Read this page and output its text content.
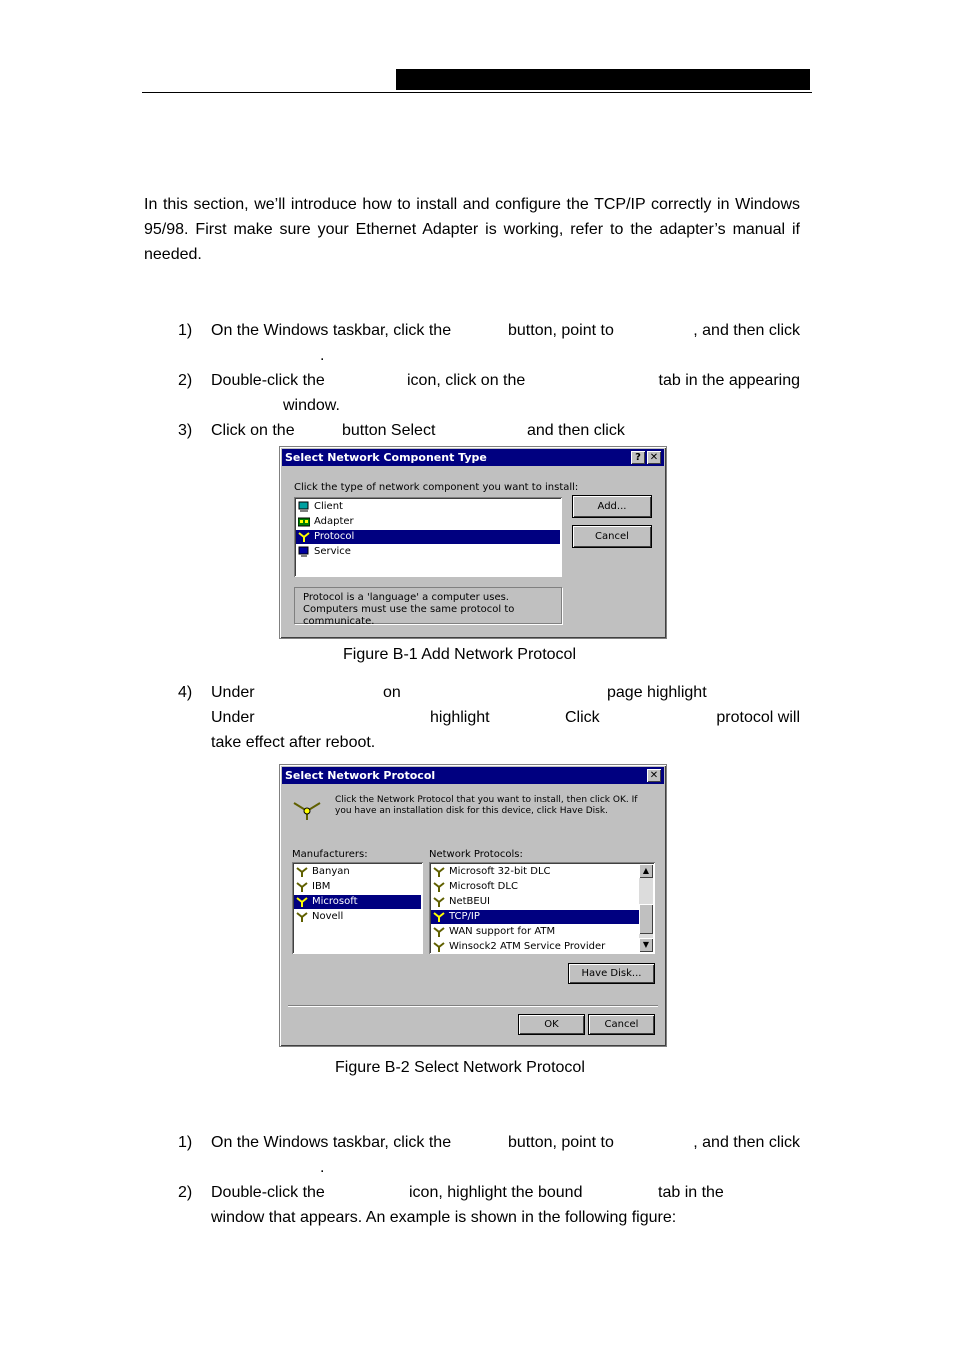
In this section, we’ll introduce how to install and configure the TCP/IP correctly in Windows 95/98. First make sure your Ethernet Adapter is working, refer to the adapter’s manual if needed.
1)	On the Windows taskbar, click the	button, point to	, and then click
.
2)	Double-click the	icon, click on the	tab in the appearing
window.
3)	Click on the	button Select	and then click
Select Network Component Type	? ✕
Click the type of network component you want to install:
Client
Adapter
Protocol
Service
Add...
Cancel
Protocol is a 'language' a computer uses. Computers must use the same protocol to communicate.
Figure B-1 Add Network Protocol
4)	Under	on	page highlight
Under	highlight	Click	protocol will
take effect after reboot.
Select Network Protocol	✕
Click the Network Protocol that you want to install, then click OK. If you have an installation disk for this device, click Have Disk.
Manufacturers:	Network Protocols:
Banyan
IBM
Microsoft
Novell
Microsoft 32-bit DLC
Microsoft DLC
NetBEUI
TCP/IP
WAN support for ATM
Winsock2 ATM Service Provider
▲
▼
Have Disk...
OK	Cancel
Figure B-2 Select Network Protocol
1)	On the Windows taskbar, click the	button, point to	, and then click
.
2)	Double-click the	icon, highlight the bound	tab in the
window that appears. An example is shown in the following figure:
